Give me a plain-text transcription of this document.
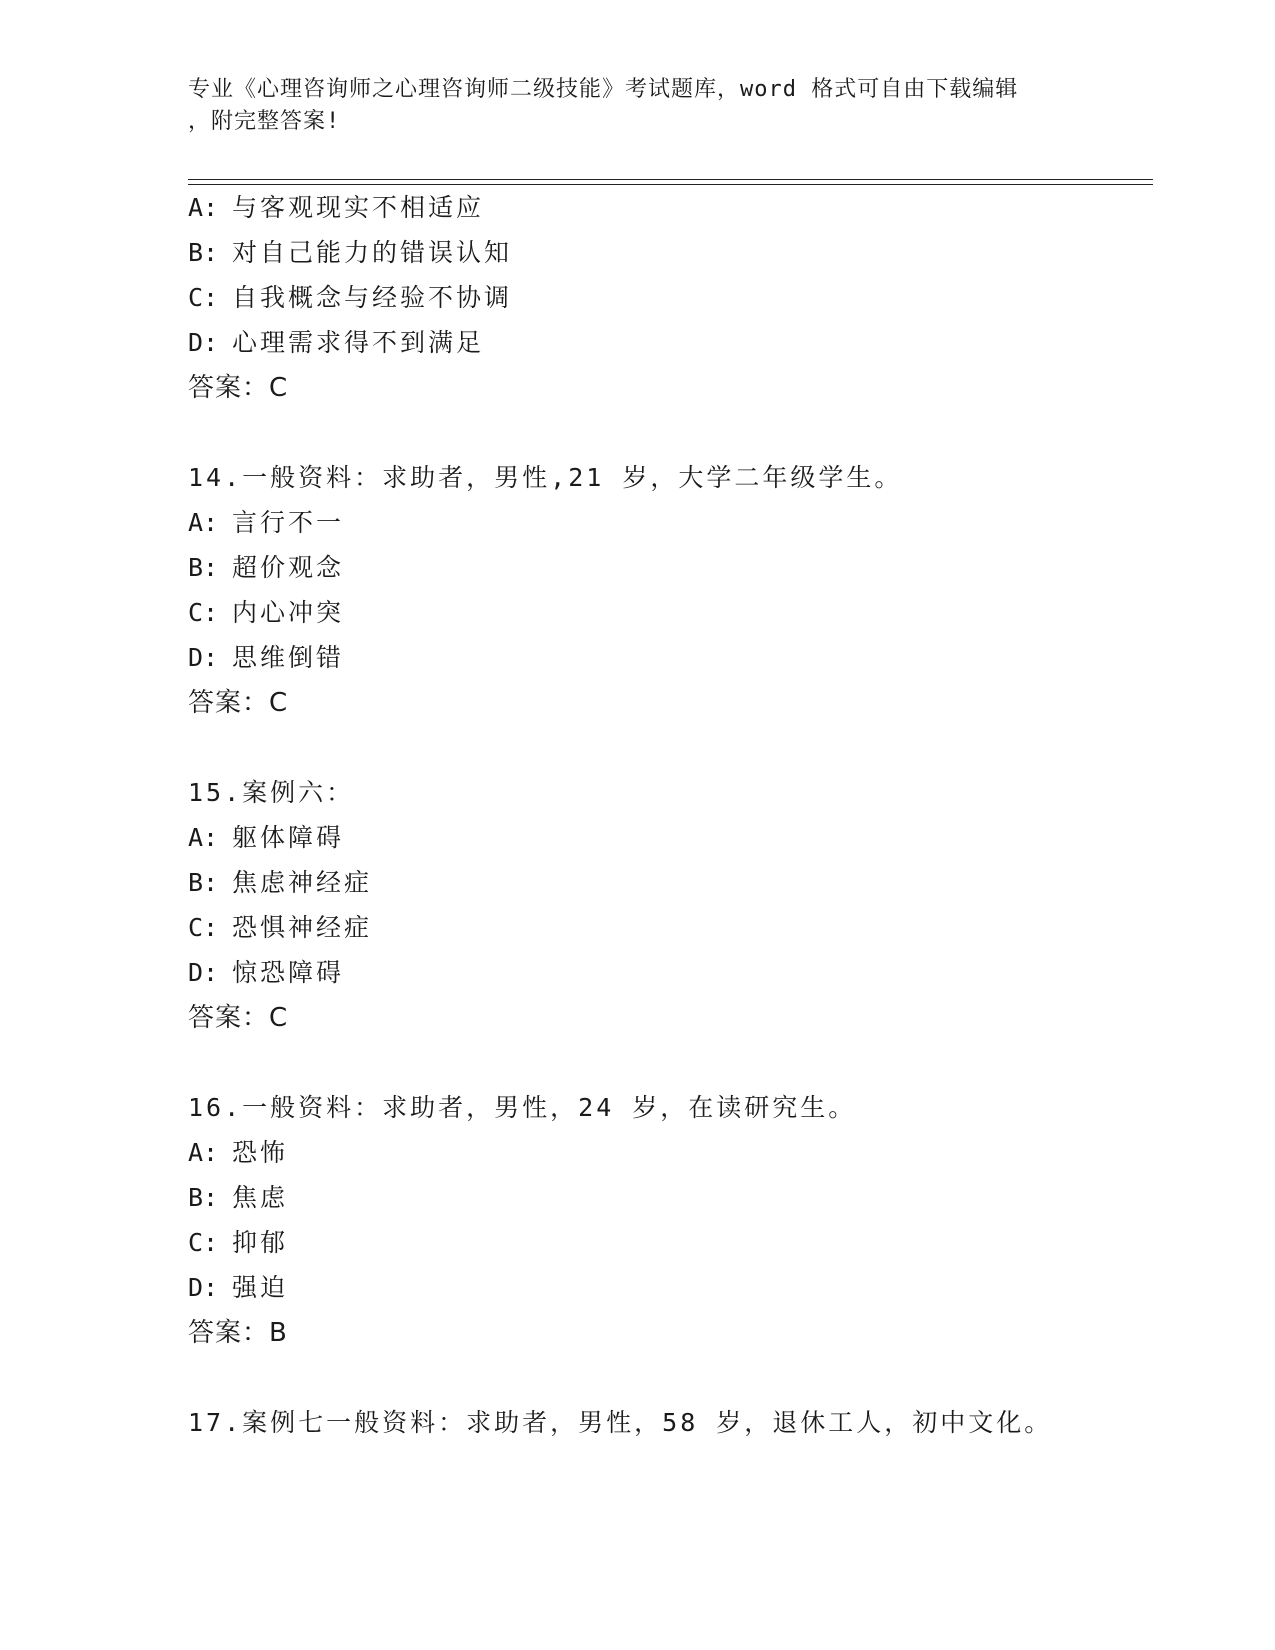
专业《心理咨询师之心理咨询师二级技能》考试题库，word 格式可自由下载编辑
，附完整答案!
A: 与客观现实不相适应
B: 对自己能力的错误认知
C: 自我概念与经验不协调
D: 心理需求得不到满足
答案：C
14.一般资料：求助者，男性,21 岁，大学二年级学生。
A: 言行不一
B: 超价观念
C: 内心冲突
D: 思维倒错
答案：C
15.案例六：
A: 躯体障碍
B: 焦虑神经症
C: 恐惧神经症
D: 惊恐障碍
答案：C
16.一般资料：求助者，男性，24 岁，在读研究生。
A: 恐怖
B: 焦虑
C: 抑郁
D: 强迫
答案：B
17.案例七一般资料：求助者，男性，58 岁，退休工人，初中文化。
